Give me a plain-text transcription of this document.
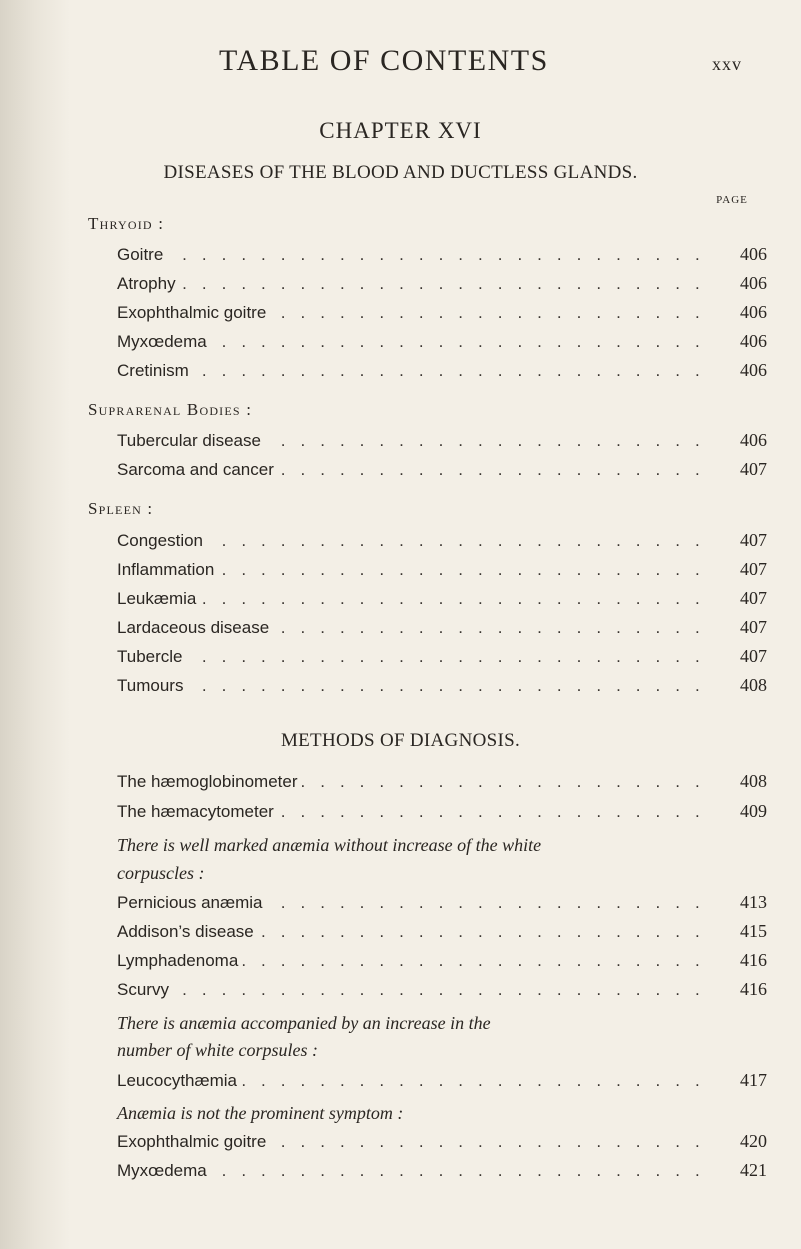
TABLE OF CONTENTS	xxv
CHAPTER XVI
DISEASES OF THE BLOOD AND DUCTLESS GLANDS.
PAGE
Thryoid :
.....
Goitre	406
.....
Atrophy	406
.....
Exophthalmic goitre	406
.....
Myxœdema	406
.....
Cretinism	406
Suprarenal Bodies :
.....
Tubercular disease	406
.....
Sarcoma and cancer	407
Spleen :
.....
Congestion	407
.....
Inflammation	407
.....
Leukæmia	407
.....
Lardaceous disease	407
.....
Tubercle	407
.....
Tumours	408
METHODS OF DIAGNOSIS.
.....
The hæmoglobinometer	408
.....
The hæmacytometer	409
There is well marked anæmia without increase of the white
corpuscles :
.....
Pernicious anæmia	413
.....
Addison’s disease	415
.....
Lymphadenoma	416
.....
Scurvy	416
There is anæmia accompanied by an increase in the
number of white corpsules :
.....
Leucocythæmia	417
Anæmia is not the prominent symptom :
.....
Exophthalmic goitre	420
.....
Myxœdema	421
